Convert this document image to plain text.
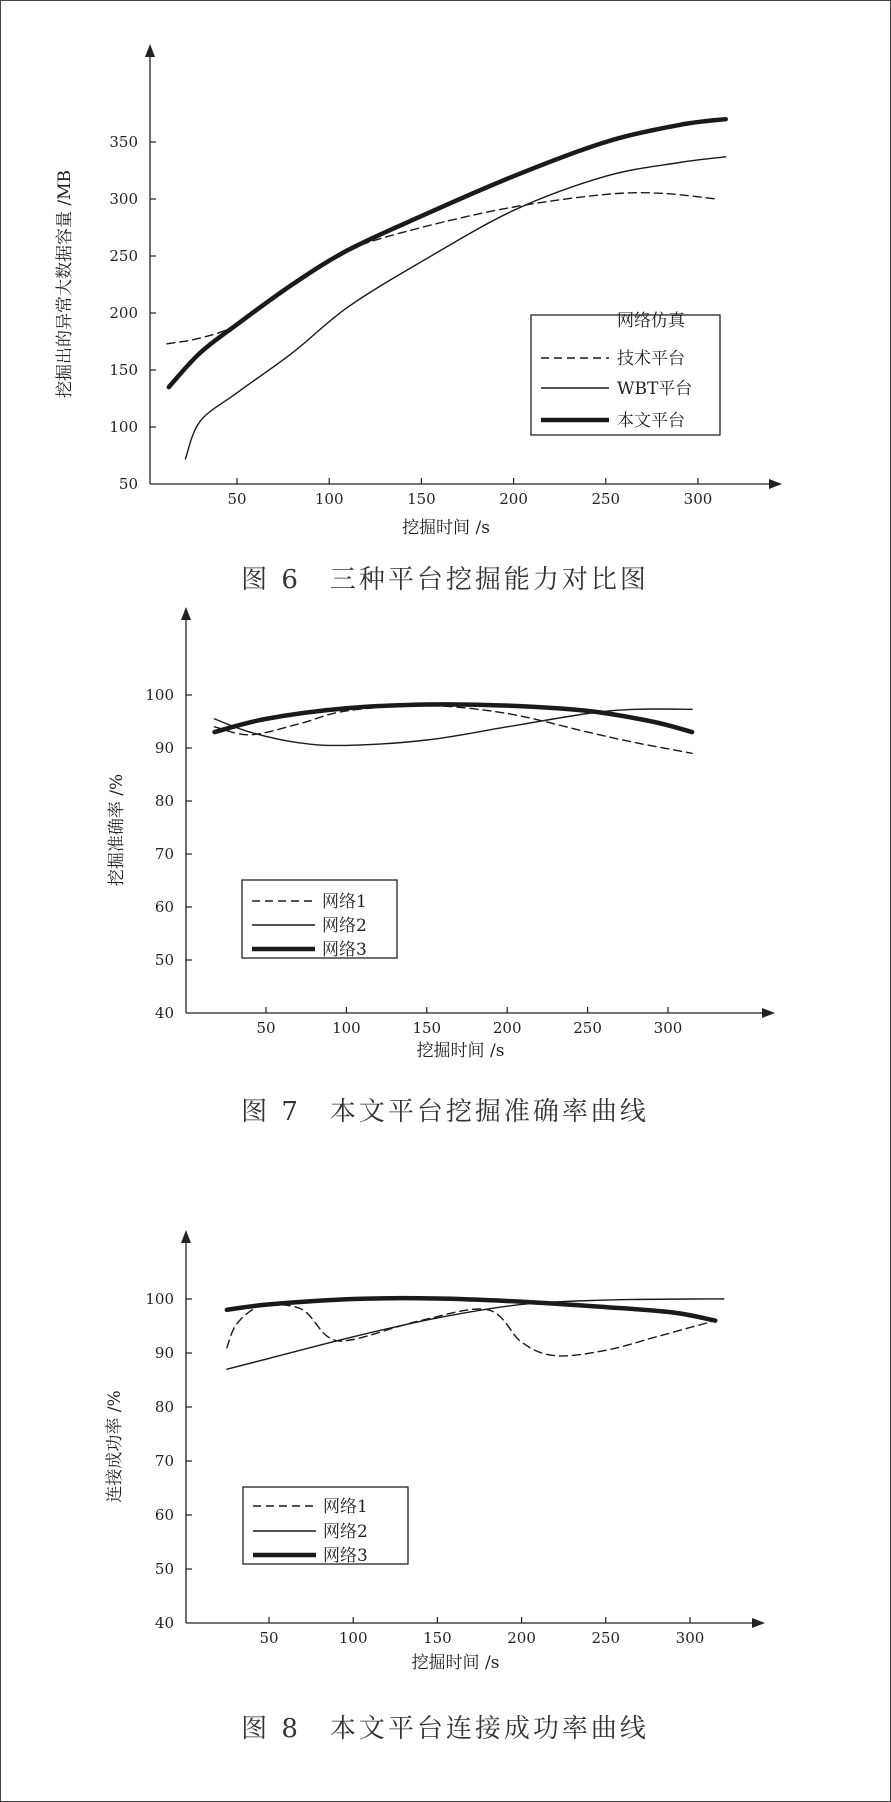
50	100	150	200	250	300
50
100
150
200
250
300
350
挖掘时间 /s
挖掘出的异常大数据容量 /MB	网络仿真
技术平台
WBT平台
本文平台
图 6　三种平台挖掘能力对比图
50	100	150	200	250	300
40
50
60
70
80
90
100
挖掘时间 /s
挖掘准确率 /%
网络1
网络2
网络3
图 7　本文平台挖掘准确率曲线
50	100	150	200	250	300
40
50
60
70
80
90
100
挖掘时间 /s
连接成功率 /%
网络1
网络2
网络3
图 8　本文平台连接成功率曲线
